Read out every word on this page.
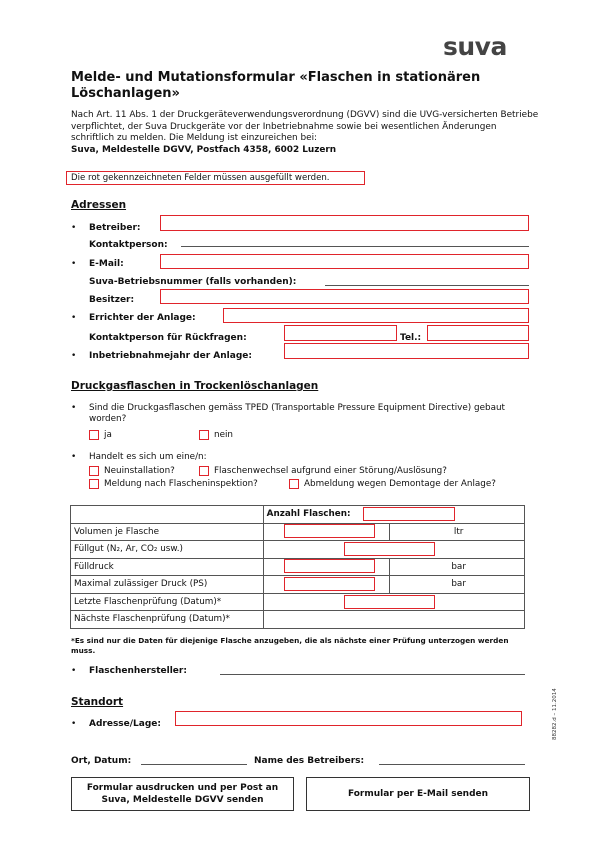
suva
Melde- und Mutationsformular «Flaschen in stationären Löschanlagen»
Nach Art. 11 Abs. 1 der Druckgeräteverwendungsverordnung (DGVV) sind die UVG-versicherten Betriebe verpflichtet, der Suva Druckgeräte vor der Inbetriebnahme sowie bei wesentlichen Änderungen schriftlich zu melden. Die Meldung ist einzureichen bei:
Suva, Meldestelle DGVV, Postfach 4358, 6002 Luzern
Die rot gekennzeichneten Felder müssen ausgefüllt werden.
Adressen
• Betreiber:
Kontaktperson:
• E-Mail:
Suva-Betriebsnummer (falls vorhanden):
Besitzer:
• Errichter der Anlage:
Kontaktperson für Rückfragen:	Tel.:
• Inbetriebnahmejahr der Anlage:
Druckgasflaschen in Trockenlöschanlagen
• Sind die Druckgasflaschen gemäss TPED (Transportable Pressure Equipment Directive) gebaut worden?
ja	nein
• Handelt es sich um eine/n:
Neuinstallation?	Flaschenwechsel aufgrund einer Störung/Auslösung?
Meldung nach Flascheninspektion?	Abmeldung wegen Demontage der Anlage?
	Anzahl Flaschen:	
Volumen je Flasche		ltr
Füllgut (N₂, Ar, CO₂ usw.)		
Fülldruck		bar
Maximal zulässiger Druck (PS)		bar
Letzte Flaschenprüfung (Datum)*		
Nächste Flaschenprüfung (Datum)*		
*Es sind nur die Daten für diejenige Flasche anzugeben, die als nächste einer Prüfung unterzogen werden muss.
• Flaschenhersteller:
Standort
• Adresse/Lage:
Ort, Datum:	Name des Betreibers:
Formular ausdrucken und per Post an Suva, Meldestelle DGVV senden
Formular per E-Mail senden
88282.d – 11.2014
